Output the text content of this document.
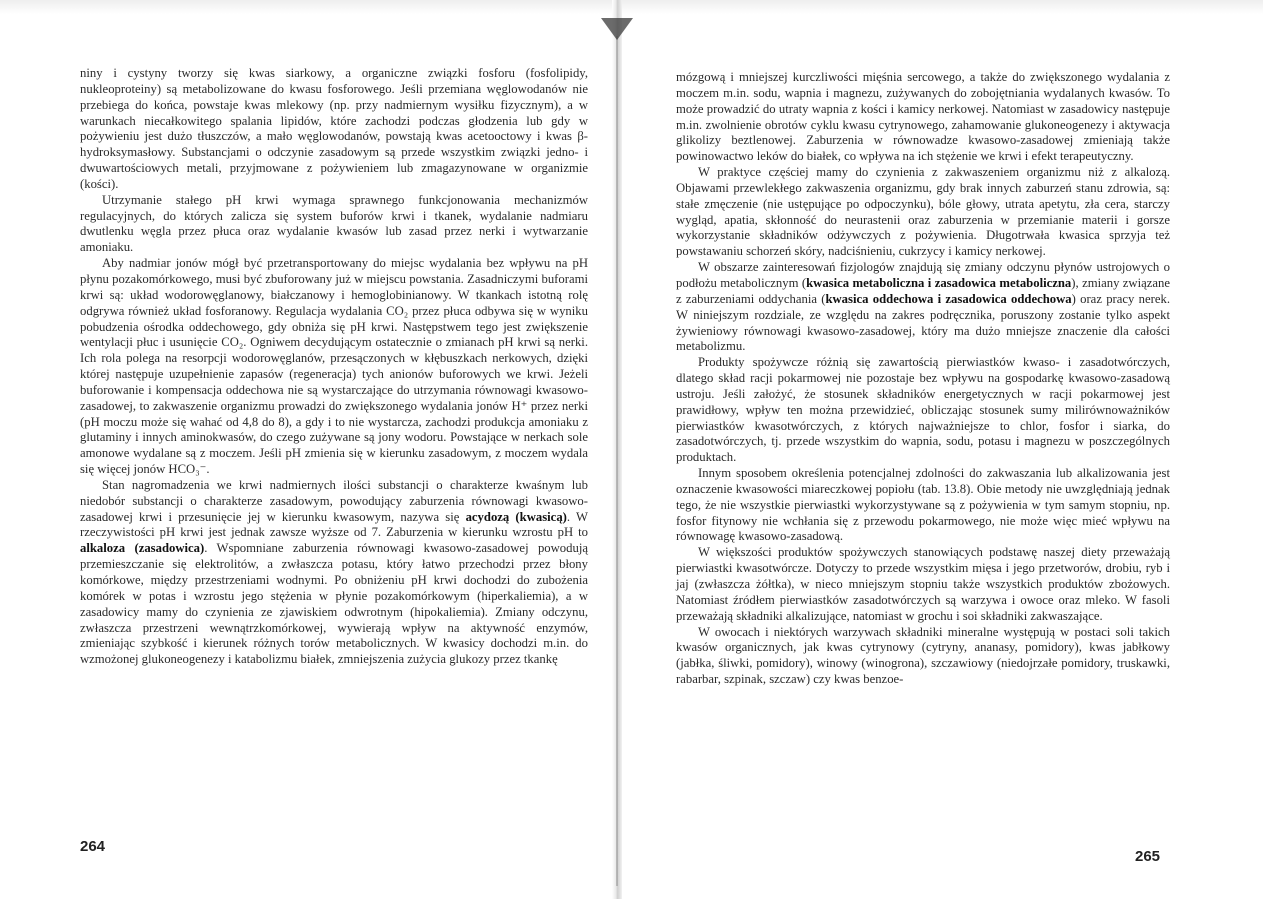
niny i cystyny tworzy się kwas siarkowy, a organiczne związki fosforu (fosfolipidy, nukleoproteiny) są metabolizowane do kwasu fosforowego. Jeśli przemiana węglowodanów nie przebiega do końca, powstaje kwas mlekowy (np. przy nadmiernym wysiłku fizycznym), a w warunkach niecałkowitego spalania lipidów, które zachodzi podczas głodzenia lub gdy w pożywieniu jest dużo tłuszczów, a mało węglowodanów, powstają kwas acetooctowy i kwas β-hydroksymasłowy. Substancjami o odczynie zasadowym są przede wszystkim związki jedno- i dwuwartościowych metali, przyjmowane z pożywieniem lub zmagazynowane w organizmie (kości).

Utrzymanie stałego pH krwi wymaga sprawnego funkcjonowania mechanizmów regulacyjnych, do których zalicza się system buforów krwi i tkanek, wydalanie nadmiaru dwutlenku węgla przez płuca oraz wydalanie kwasów lub zasad przez nerki i wytwarzanie amoniaku.

Aby nadmiar jonów mógł być przetransportowany do miejsc wydalania bez wpływu na pH płynu pozakomórkowego, musi być zbuforowany już w miejscu powstania. Zasadniczymi buforami krwi są: układ wodorowęglanowy, białczanowy i hemoglobinianowy. W tkankach istotną rolę odgrywa również układ fosforanowy. Regulacja wydalania CO₂ przez płuca odbywa się w wyniku pobudzenia ośrodka oddechowego, gdy obniża się pH krwi. Następstwem tego jest zwiększenie wentylacji płuc i usunięcie CO₂. Ogniwem decydującym ostatecznie o zmianach pH krwi są nerki. Ich rola polega na resorpcji wodorowęglanów, przesączonych w kłębuszkach nerkowych, dzięki której następuje uzupełnienie zapasów (regeneracja) tych anionów buforowych we krwi. Jeżeli buforowanie i kompensacja oddechowa nie są wystarczające do utrzymania równowagi kwasowo-zasadowej, to zakwaszenie organizmu prowadzi do zwiększonego wydalania jonów H⁺ przez nerki (pH moczu może się wahać od 4,8 do 8), a gdy i to nie wystarcza, zachodzi produkcja amoniaku z glutaminy i innych aminokwasów, do czego zużywane są jony wodoru. Powstające w nerkach sole amonowe wydalane są z moczem. Jeśli pH zmienia się w kierunku zasadowym, z moczem wydala się więcej jonów HCO₃⁻.

Stan nagromadzenia we krwi nadmiernych ilości substancji o charakterze kwaśnym lub niedobór substancji o charakterze zasadowym, powodujący zaburzenia równowagi kwasowo-zasadowej krwi i przesunięcie jej w kierunku kwasowym, nazywa się acydozą (kwasicą). W rzeczywistości pH krwi jest jednak zawsze wyższe od 7. Zaburzenia w kierunku wzrostu pH to alkaloza (zasadowica). Wspomniane zaburzenia równowagi kwasowo-zasadowej powodują przemieszczanie się elektrolitów, a zwłaszcza potasu, który łatwo przechodzi przez błony komórkowe, między przestrzeniami wodnymi. Po obniżeniu pH krwi dochodzi do zubożenia komórek w potas i wzrostu jego stężenia w płynie pozakomórkowym (hiperkaliemia), a w zasadowicy mamy do czynienia ze zjawiskiem odwrotnym (hipokaliemia). Zmiany odczynu, zwłaszcza przestrzeni wewnątrzkomórkowej, wywierają wpływ na aktywność enzymów, zmieniając szybkość i kierunek różnych torów metabolicznych. W kwasicy dochodzi m.in. do wzmożonej glukoneogenezy i katabolizmu białek, zmniejszenia zużycia glukozy przez tkankę

264

mózgową i mniejszej kurczliwości mięśnia sercowego, a także do zwiększonego wydalania z moczem m.in. sodu, wapnia i magnezu, zużywanych do zobojętniania wydalanych kwasów. To może prowadzić do utraty wapnia z kości i kamicy nerkowej. Natomiast w zasadowicy następuje m.in. zwolnienie obrotów cyklu kwasu cytrynowego, zahamowanie glukoneogenezy i aktywacja glikolizy beztlenowej. Zaburzenia w równowadze kwasowo-zasadowej zmieniają także powinowactwo leków do białek, co wpływa na ich stężenie we krwi i efekt terapeutyczny.

W praktyce częściej mamy do czynienia z zakwaszeniem organizmu niż z alkalozą. Objawami przewlekłego zakwaszenia organizmu, gdy brak innych zaburzeń stanu zdrowia, są: stałe zmęczenie (nie ustępujące po odpoczynku), bóle głowy, utrata apetytu, zła cera, starczy wygląd, apatia, skłonność do neurastenii oraz zaburzenia w przemianie materii i gorsze wykorzystanie składników odżywczych z pożywienia. Długotrwała kwasica sprzyja też powstawaniu schorzeń skóry, nadciśnieniu, cukrzycy i kamicy nerkowej.

W obszarze zainteresowań fizjologów znajdują się zmiany odczynu płynów ustrojowych o podłożu metabolicznym (kwasica metaboliczna i zasadowica metaboliczna), zmiany związane z zaburzeniami oddychania (kwasica oddechowa i zasadowica oddechowa) oraz pracy nerek. W niniejszym rozdziale, ze względu na zakres podręcznika, poruszony zostanie tylko aspekt żywieniowy równowagi kwasowo-zasadowej, który ma dużo mniejsze znaczenie dla całości metabolizmu.

Produkty spożywcze różnią się zawartością pierwiastków kwaso- i zasadotwórczych, dlatego skład racji pokarmowej nie pozostaje bez wpływu na gospodarkę kwasowo-zasadową ustroju. Jeśli założyć, że stosunek składników energetycznych w racji pokarmowej jest prawidłowy, wpływ ten można przewidzieć, obliczając stosunek sumy milirównoważników pierwiastków kwasotwórczych, z których najważniejsze to chlor, fosfor i siarka, do zasadotwórczych, tj. przede wszystkim do wapnia, sodu, potasu i magnezu w poszczególnych produktach.

Innym sposobem określenia potencjalnej zdolności do zakwaszania lub alkalizowania jest oznaczenie kwasowości miareczkowej popiołu (tab. 13.8). Obie metody nie uwzględniają jednak tego, że nie wszystkie pierwiastki wykorzystywane są z pożywienia w tym samym stopniu, np. fosfor fitynowy nie wchłania się z przewodu pokarmowego, nie może więc mieć wpływu na równowagę kwasowo-zasadową.

W większości produktów spożywczych stanowiących podstawę naszej diety przeważają pierwiastki kwasotwórcze. Dotyczy to przede wszystkim mięsa i jego przetworów, drobiu, ryb i jaj (zwłaszcza żółtka), w nieco mniejszym stopniu także wszystkich produktów zbożowych. Natomiast źródłem pierwiastków zasadotwórczych są warzywa i owoce oraz mleko. W fasoli przeważają składniki alkalizujące, natomiast w grochu i soi składniki zakwaszające.

W owocach i niektórych warzywach składniki mineralne występują w postaci soli takich kwasów organicznych, jak kwas cytrynowy (cytryny, ananasy, pomidory), kwas jabłkowy (jabłka, śliwki, pomidory), winowy (winogrona), szczawiowy (niedojrzałe pomidory, truskawki, rabarbar, szpinak, szczaw) czy kwas benzoe-

265
